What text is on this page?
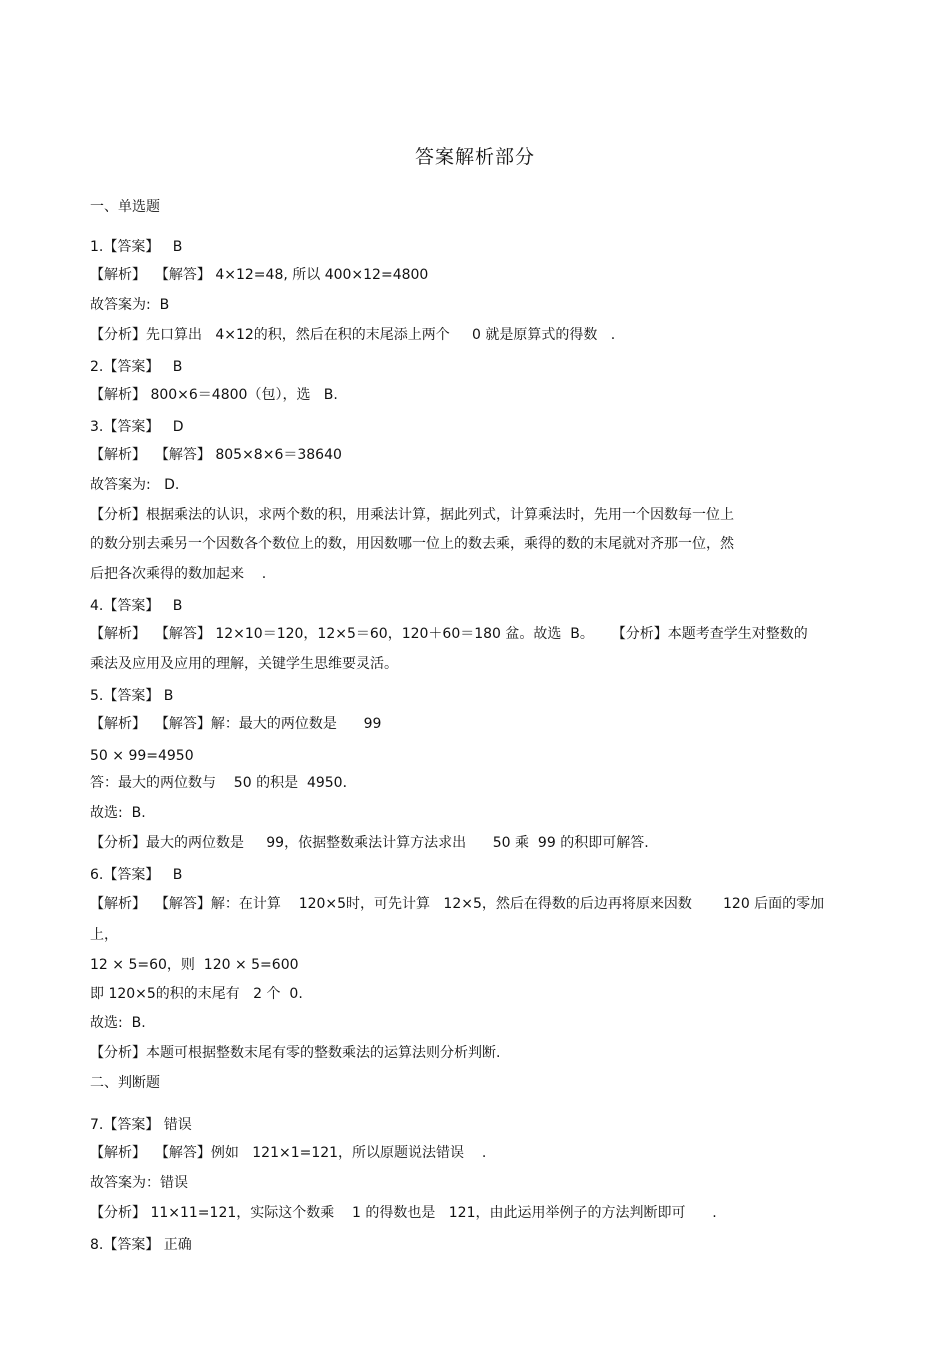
答案解析部分
一、单选题
1.【答案】   B
【解析】  【解答】 4×12=48, 所以 400×12=4800
故答案为:  B
【分析】先口算出   4×12的积，然后在积的末尾添上两个     0 就是原算式的得数   .
2.【答案】   B
【解析】 800×6＝4800（包），选   B.
3.【答案】   D
【解析】  【解答】 805×8×6＝38640
故答案为:   D.
【分析】根据乘法的认识，求两个数的积，用乘法计算，据此列式，计算乘法时，先用一个因数每一位上
的数分别去乘另一个因数各个数位上的数，用因数哪一位上的数去乘，乘得的数的末尾就对齐那一位，然
后把各次乘得的数加起来    .
4.【答案】   B
【解析】  【解答】 12×10＝120，12×5＝60，120＋60＝180 盆。故选  B。    【分析】本题考查学生对整数的
乘法及应用及应用的理解，关键学生思维要灵活。
5.【答案】 B
【解析】  【解答】解：最大的两位数是      99
50 × 99=4950
答：最大的两位数与    50 的积是  4950．
故选:  B.
【分析】最大的两位数是     99，依据整数乘法计算方法求出      50 乘  99 的积即可解答.
6.【答案】   B
【解析】  【解答】解：在计算    120×5时，可先计算   12×5，然后在得数的后边再将原来因数       120 后面的零加
上，
12 × 5=60，则  120 × 5=600
即 120×5的积的末尾有   2 个  0.
故选:  B.
【分析】本题可根据整数末尾有零的整数乘法的运算法则分析判断.
二、判断题
7.【答案】 错误
【解析】  【解答】例如   121×1=121，所以原题说法错误    .
故答案为：错误
【分析】 11×11=121，实际这个数乘    1 的得数也是   121，由此运用举例子的方法判断即可      .
8.【答案】 正确
